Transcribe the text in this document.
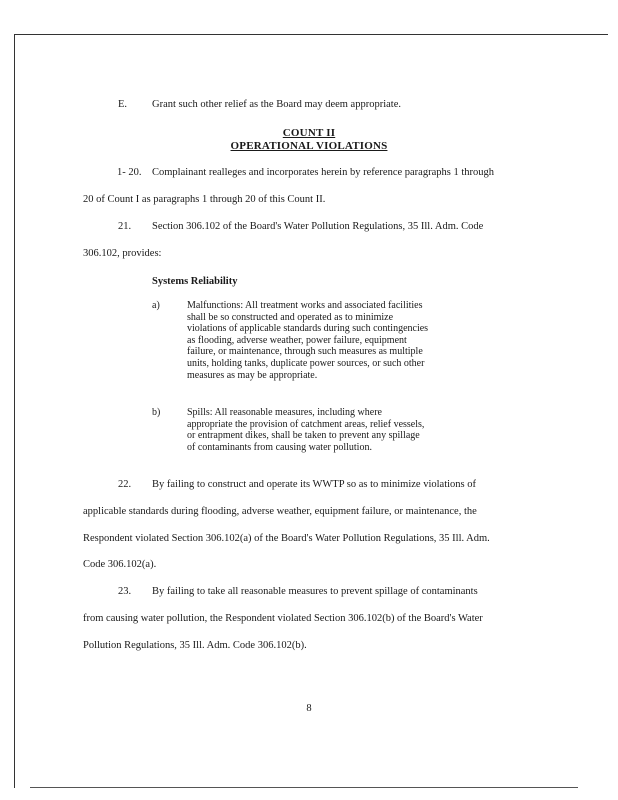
E. Grant such other relief as the Board may deem appropriate.
COUNT II
OPERATIONAL VIOLATIONS
1- 20. Complainant realleges and incorporates herein by reference paragraphs 1 through
20 of Count I as paragraphs 1 through 20 of this Count II.
21. Section 306.102 of the Board's Water Pollution Regulations, 35 Ill. Adm. Code
306.102, provides:
Systems Reliability
a)	Malfunctions: All treatment works and associated facilities
shall be so constructed and operated as to minimize
violations of applicable standards during such contingencies
as flooding, adverse weather, power failure, equipment
failure, or maintenance, through such measures as multiple
units, holding tanks, duplicate power sources, or such other
measures as may be appropriate.
b)	Spills: All reasonable measures, including where
appropriate the provision of catchment areas, relief vessels,
or entrapment dikes, shall be taken to prevent any spillage
of contaminants from causing water pollution.
22. By failing to construct and operate its WWTP so as to minimize violations of
applicable standards during flooding, adverse weather, equipment failure, or maintenance, the
Respondent violated Section 306.102(a) of the Board's Water Pollution Regulations, 35 Ill. Adm.
Code 306.102(a).
23. By failing to take all reasonable measures to prevent spillage of contaminants
from causing water pollution, the Respondent violated Section 306.102(b) of the Board's Water
Pollution Regulations, 35 Ill. Adm. Code 306.102(b).
8
